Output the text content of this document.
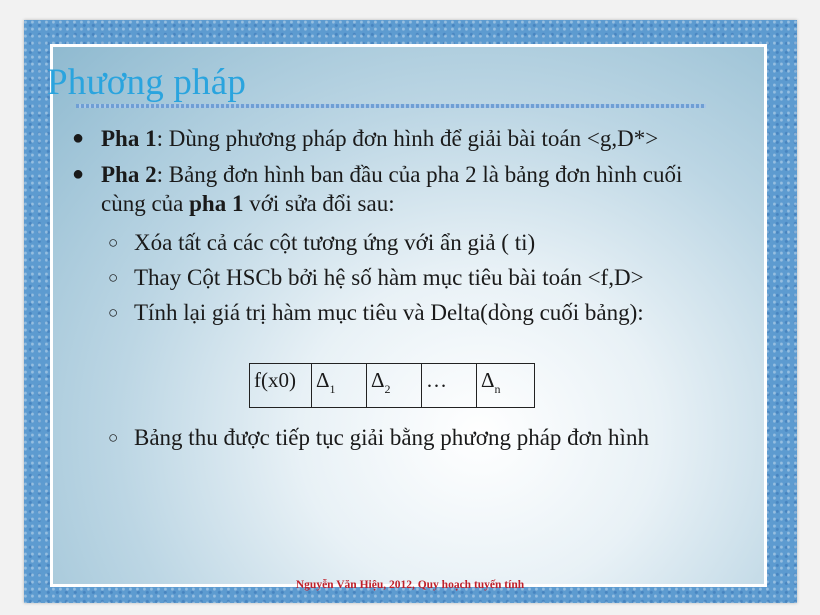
Phương pháp
● Pha 1: Dùng phương pháp đơn hình để giải bài toán <g,D*>
● Pha 2: Bảng đơn hình ban đầu của pha 2 là bảng đơn hình cuối cùng của pha 1 với sửa đổi sau:
○ Xóa tất cả các cột tương ứng với ẩn giả ( ti)
○ Thay Cột HSCb bởi hệ số hàm mục tiêu bài toán <f,D>
○ Tính lại giá trị hàm mục tiêu và Delta(dòng cuối bảng):
f(x0)	$\Delta_1$	$\Delta_2$	…	$\Delta_n$
○ Bảng thu được tiếp tục giải bằng phương pháp đơn hình
Nguyễn Văn Hiệu, 2012, Quy hoạch tuyến tính
